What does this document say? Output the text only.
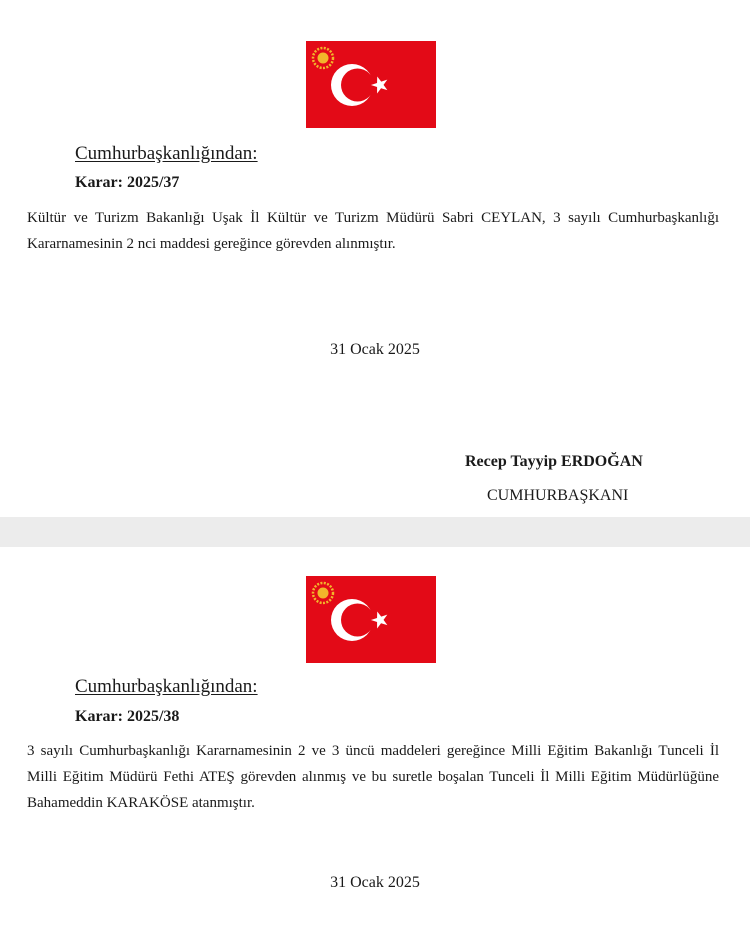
Cumhurbaşkanlığından:
Karar: 2025/37

Kültür ve Turizm Bakanlığı Uşak İl Kültür ve Turizm Müdürü Sabri CEYLAN, 3 sayılı Cumhurbaşkanlığı Kararnamesinin 2 nci maddesi gereğince görevden alınmıştır.

31 Ocak 2025
Recep Tayyip ERDOĞAN
CUMHURBAŞKANI
Cumhurbaşkanlığından:
Karar: 2025/38

3 sayılı Cumhurbaşkanlığı Kararnamesinin 2 ve 3 üncü maddeleri gereğince Milli Eğitim Bakanlığı Tunceli İl Milli Eğitim Müdürü Fethi ATEŞ görevden alınmış ve bu suretle boşalan Tunceli İl Milli Eğitim Müdürlüğüne Bahameddin KARAKÖSE atanmıştır.

31 Ocak 2025
